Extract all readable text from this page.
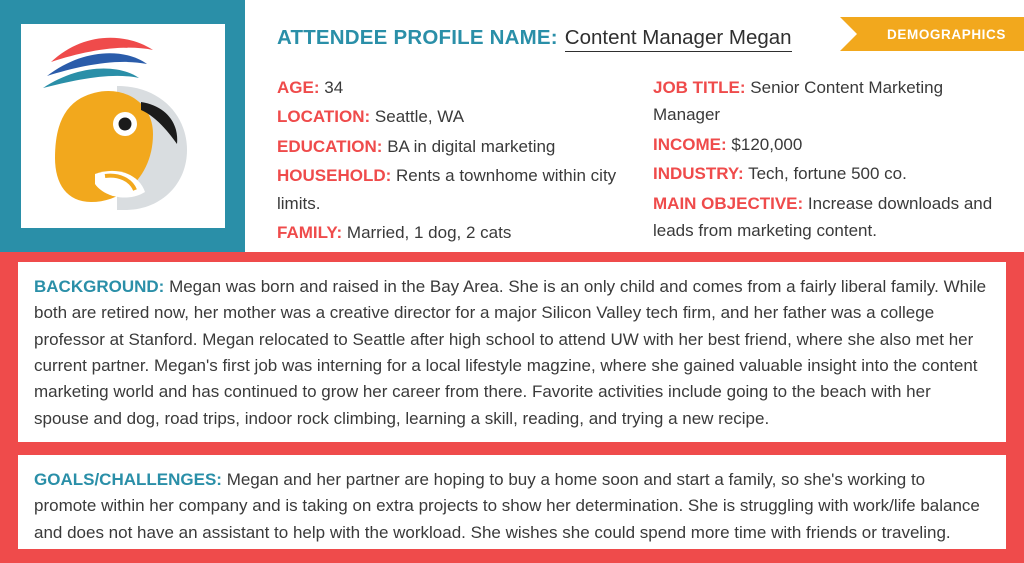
DEMOGRAPHICS
ATTENDEE PROFILE NAME: Content Manager Megan
AGE: 34
LOCATION: Seattle, WA
EDUCATION: BA in digital marketing
HOUSEHOLD: Rents a townhome within city limits.
FAMILY: Married, 1 dog, 2 cats
JOB TITLE: Senior Content Marketing Manager
INCOME: $120,000
INDUSTRY: Tech, fortune 500 co.
MAIN OBJECTIVE: Increase downloads and leads from marketing content.
BACKGROUND: Megan was born and raised in the Bay Area. She is an only child and comes from a fairly liberal family. While both are retired now, her mother was a creative director for a major Silicon Valley tech firm, and her father was a college professor at Stanford. Megan relocated to Seattle after high school to attend UW with her best friend, where she also met her current partner. Megan's first job was interning for a local lifestyle magzine, where she gained valuable insight into the content marketing world and has continued to grow her career from there. Favorite activities include going to the beach with her spouse and dog, road trips, indoor rock climbing, learning a skill, reading, and trying a new recipe.
GOALS/CHALLENGES: Megan and her partner are hoping to buy a home soon and start a family, so she's working to promote within her company and is taking on extra projects to show her determination. She is struggling with work/life balance and does not have an assistant to help with the workload. She wishes she could spend more time with friends or traveling.
